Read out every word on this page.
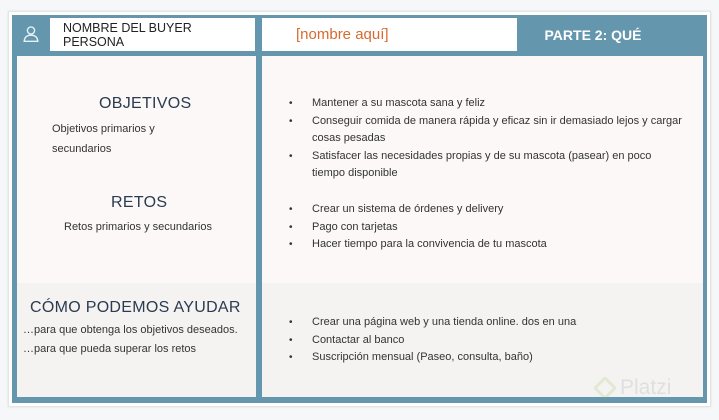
NOMBRE DEL BUYER PERSONA	[nombre aquí]	PARTE 2: QUÉ
OBJETIVOS
Objetivos primarios y
secundarios
RETOS
Retos primarios y secundarios
CÓMO PODEMOS AYUDAR
…para que obtenga los objetivos deseados.
…para que pueda superar los retos
• Mantener a su mascota sana y feliz
• Conseguir comida de manera rápida y eficaz sin ir demasiado lejos y cargar cosas pesadas
• Satisfacer las necesidades propias y de su mascota (pasear) en poco tiempo disponible
• Crear un sistema de órdenes y delivery
• Pago con tarjetas
• Hacer tiempo para la convivencia de tu mascota
• Crear una página web y una tienda online. dos en una
• Contactar al banco
• Suscripción mensual (Paseo, consulta, baño)
Platzi
